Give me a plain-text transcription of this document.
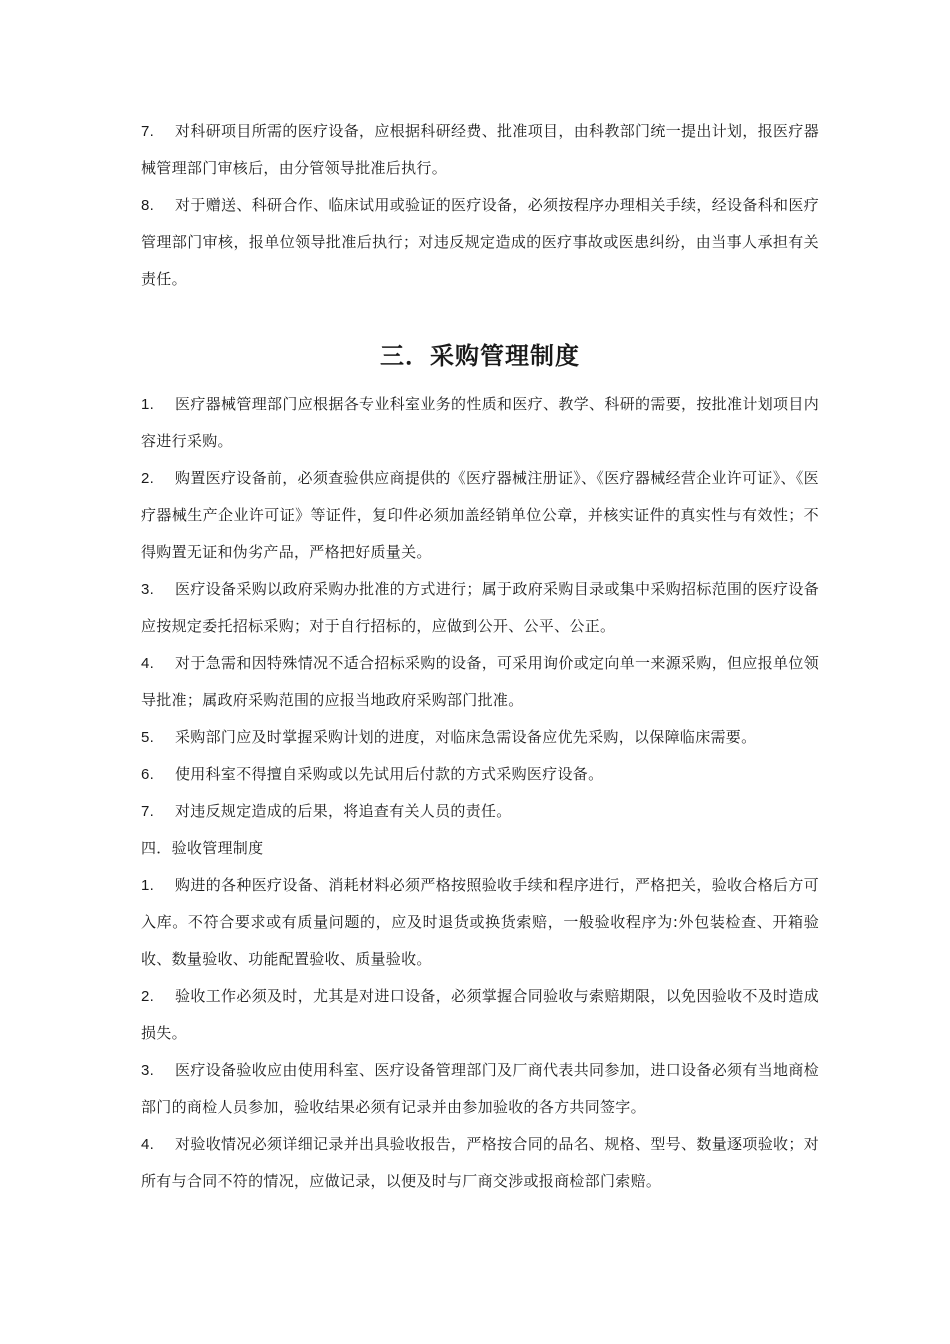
7. 对科研项目所需的医疗设备，应根据科研经费、批准项目，由科教部门统一提出计划，报医疗器械管理部门审核后，由分管领导批准后执行。

8. 对于赠送、科研合作、临床试用或验证的医疗设备，必须按程序办理相关手续，经设备科和医疗管理部门审核，报单位领导批准后执行；对违反规定造成的医疗事故或医患纠纷，由当事人承担有关责任。

三．采购管理制度

1. 医疗器械管理部门应根据各专业科室业务的性质和医疗、教学、科研的需要，按批准计划项目内容进行采购。

2. 购置医疗设备前，必须查验供应商提供的《医疗器械注册证》、《医疗器械经营企业许可证》、《医疗器械生产企业许可证》等证件，复印件必须加盖经销单位公章，并核实证件的真实性与有效性；不得购置无证和伪劣产品，严格把好质量关。

3. 医疗设备采购以政府采购办批准的方式进行；属于政府采购目录或集中采购招标范围的医疗设备应按规定委托招标采购；对于自行招标的，应做到公开、公平、公正。

4. 对于急需和因特殊情况不适合招标采购的设备，可采用询价或定向单一来源采购，但应报单位领导批准；属政府采购范围的应报当地政府采购部门批准。

5. 采购部门应及时掌握采购计划的进度，对临床急需设备应优先采购，以保障临床需要。

6. 使用科室不得擅自采购或以先试用后付款的方式采购医疗设备。

7. 对违反规定造成的后果，将追查有关人员的责任。

四．验收管理制度

1. 购进的各种医疗设备、消耗材料必须严格按照验收手续和程序进行，严格把关，验收合格后方可入库。不符合要求或有质量问题的，应及时退货或换货索赔，一般验收程序为:外包装检查、开箱验收、数量验收、功能配置验收、质量验收。

2. 验收工作必须及时，尤其是对进口设备，必须掌握合同验收与索赔期限，以免因验收不及时造成损失。

3. 医疗设备验收应由使用科室、医疗设备管理部门及厂商代表共同参加，进口设备必须有当地商检部门的商检人员参加，验收结果必须有记录并由参加验收的各方共同签字。

4. 对验收情况必须详细记录并出具验收报告，严格按合同的品名、规格、型号、数量逐项验收；对所有与合同不符的情况，应做记录，以便及时与厂商交涉或报商检部门索赔。
